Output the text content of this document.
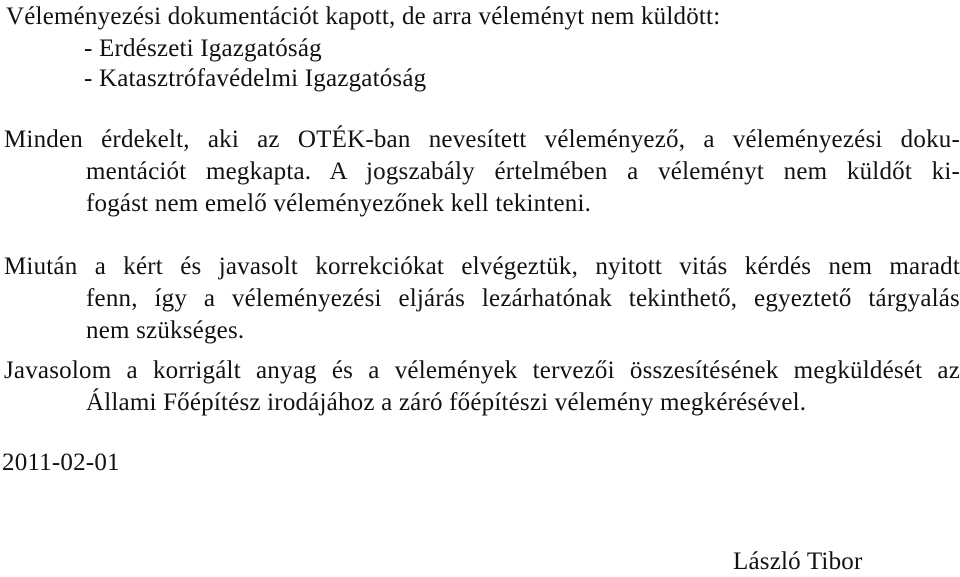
Véleményezési dokumentációt kapott, de arra véleményt nem küldött:
- Erdészeti Igazgatóság
- Katasztrófavédelmi Igazgatóság
Minden érdekelt, aki az OTÉK-ban nevesített véleményező, a véleményezési doku-
mentációt megkapta. A jogszabály értelmében a véleményt nem küldőt ki-
fogást nem emelő véleményezőnek kell tekinteni.
Miután a kért és javasolt korrekciókat elvégeztük, nyitott vitás kérdés nem maradt
fenn, így a véleményezési eljárás lezárhatónak tekinthető, egyeztető tárgyalás
nem szükséges.
Javasolom a korrigált anyag és a vélemények tervezői összesítésének megküldését az
Állami Főépítész irodájához a záró főépítészi vélemény megkérésével.
2011-02-01
László Tibor
